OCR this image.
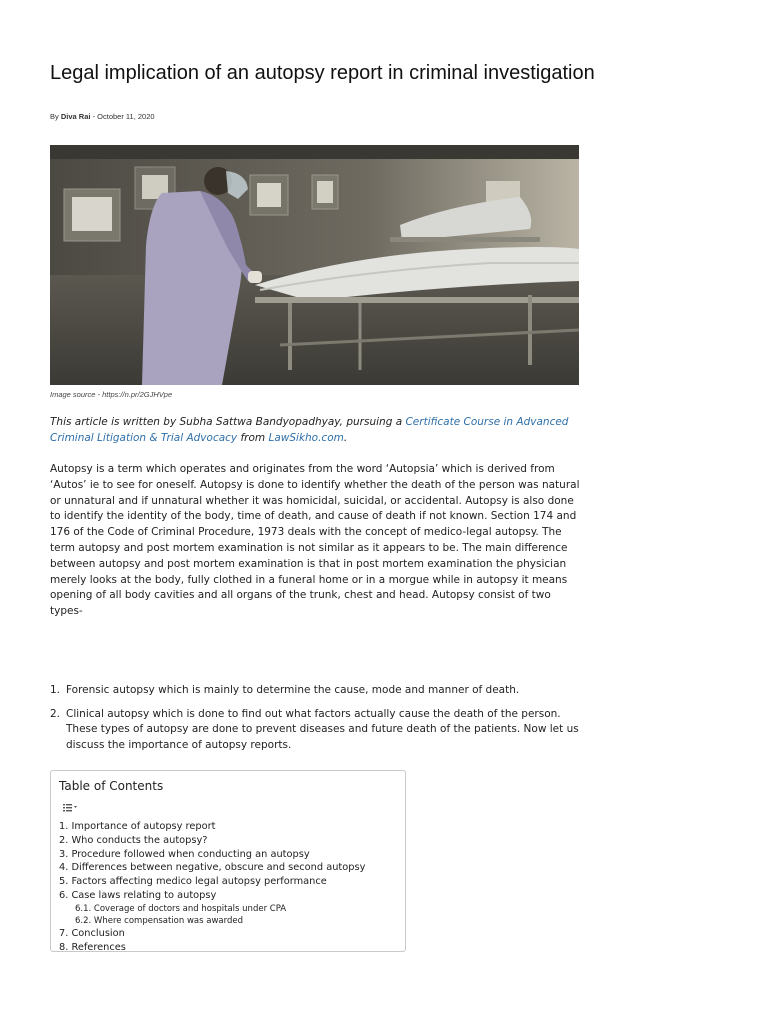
Legal implication of an autopsy report in criminal investigation
By Diva Rai - October 11, 2020
Image source - https://n.pr/2GJHVpe
This article is written by Subha Sattwa Bandyopadhyay, pursuing a Certificate Course in Advanced Criminal Litigation & Trial Advocacy from LawSikho.com.

Autopsy is a term which operates and originates from the word ‘Autopsia’ which is derived from ‘Autos’ ie to see for oneself. Autopsy is done to identify whether the death of the person was natural or unnatural and if unnatural whether it was homicidal, suicidal, or accidental. Autopsy is also done to identify the identity of the body, time of death, and cause of death if not known. Section 174 and 176 of the Code of Criminal Procedure, 1973 deals with the concept of medico-legal autopsy. The term autopsy and post mortem examination is not similar as it appears to be. The main difference between autopsy and post mortem examination is that in post mortem examination the physician merely looks at the body, fully clothed in a funeral home or in a morgue while in autopsy it means opening of all body cavities and all organs of the trunk, chest and head. Autopsy consist of two types-

1. Forensic autopsy which is mainly to determine the cause, mode and manner of death.
2. Clinical autopsy which is done to find out what factors actually cause the death of the person. These types of autopsy are done to prevent diseases and future death of the patients. Now let us discuss the importance of autopsy reports.
Table of Contents
1. Importance of autopsy report
2. Who conducts the autopsy?
3. Procedure followed when conducting an autopsy
4. Differences between negative, obscure and second autopsy
5. Factors affecting medico legal autopsy performance
6. Case laws relating to autopsy
6.1. Coverage of doctors and hospitals under CPA
6.2. Where compensation was awarded
7. Conclusion
8. References
